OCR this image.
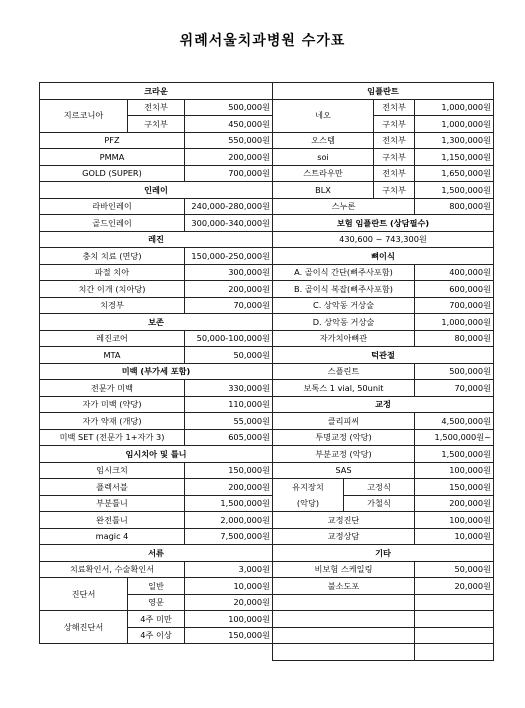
위례서울치과병원 수가표
크라운		
지르코니아	전치부	500,000원
	구치부	450,000원
PFZ		550,000원
PMMA		200,000원
GOLD (SUPER)		700,000원
인레이		
라바인레이		240,000-280,000원
골드인레이		300,000-340,000원
레진		
충치 치료 (면당)		150,000-250,000원
파절 치아		300,000원
치간 이개 (치아당)		200,000원
치경부		70,000원
보존		
레진코어		50,000-100,000원
MTA		50,000원
미백 (부가세 포함)		
전문가 미백		330,000원
자가 미백 (약당)		110,000원
자가 약재 (개당)		55,000원
미백 SET (전문가 1+자가 3)		605,000원
임시치아 및 틀니		
임시크치		150,000원
플렉서블		200,000원
부분틀니		1,500,000원
완전틀니		2,000,000원
magic 4		7,500,000원
서류		
치료확인서, 수술확인서		3,000원
진단서	일반	10,000원
	영문	20,000원
상해진단서	4주 미만	100,000원
	4주 이상	150,000원
임플란트			
네오		전치부	1,000,000원
		구치부	1,000,000원
오스템		전치부	1,300,000원
soi		구치부	1,150,000원
스트라우만		전치부	1,650,000원
BLX		구치부	1,500,000원
스누론			800,000원
보험 임플란트 (상담필수)			
430,600 ~ 743,300원			
뼈이식			
A. 골이식 간단(뼈주사포함)			400,000원
B. 골이식 복잡(뼈주사포함)			600,000원
C. 상악동 거상술			700,000원
D. 상악동 거상술			1,000,000원
자가치아뼈관			80,000원
턱관절			
스플린트			500,000원
보톡스 1 vial, 50unit			70,000원
교정			
클리피씨			4,500,000원
투명교정 (악당)			1,500,000원~
부분교정 (악당)			1,500,000원
SAS			100,000원
유지장치	고정식		150,000원
(악당)	가철식		200,000원
교정진단			100,000원
교정상담			10,000원
기타			
비보험 스케일링			50,000원
불소도포			20,000원
